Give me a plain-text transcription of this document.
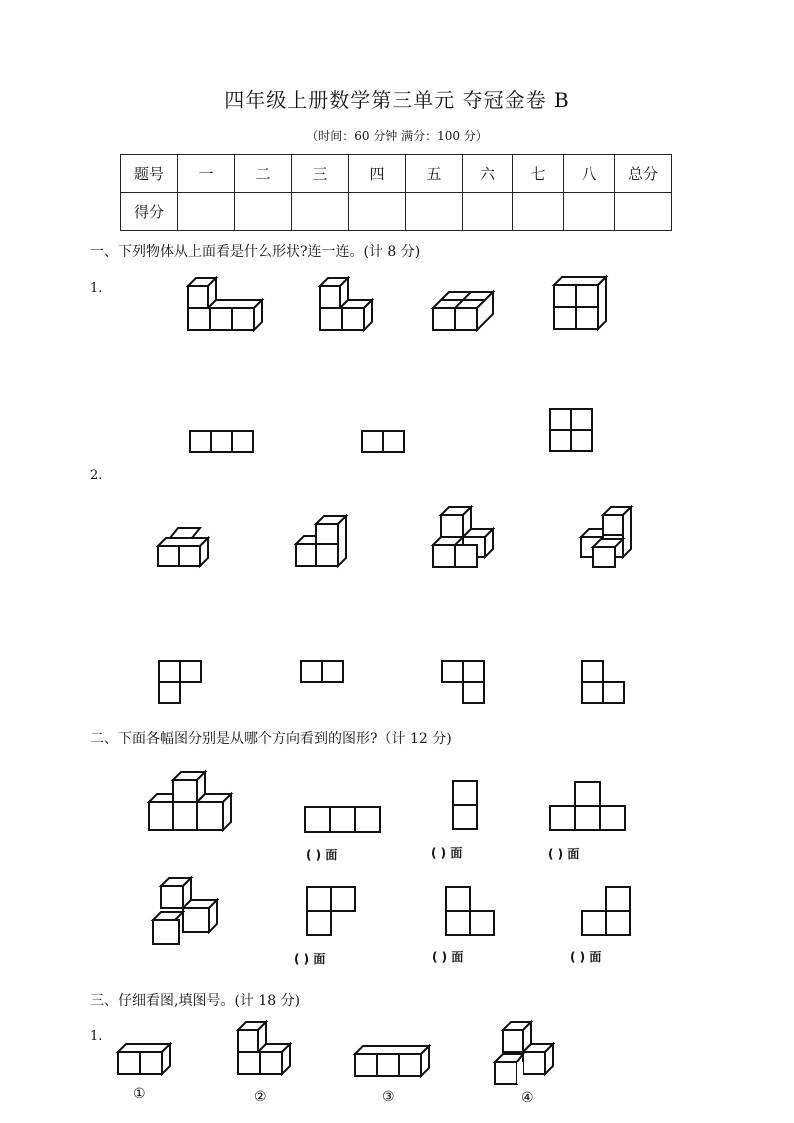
四年级上册数学第三单元 夺冠金卷 B
（时间：60 分钟 满分：100 分）
题号	一	二	三	四	五	六	七	八	总分
得分									
一、下列物体从上面看是什么形状?连一连。(计 8 分)
1.
2.
二、下面各幅图分别是从哪个方向看到的图形?（计 12 分)
( ) 面	( ) 面	( ) 面
( ) 面	( ) 面	( ) 面
三、仔细看图,填图号。(计 18 分)
1.
①	②	③	④
